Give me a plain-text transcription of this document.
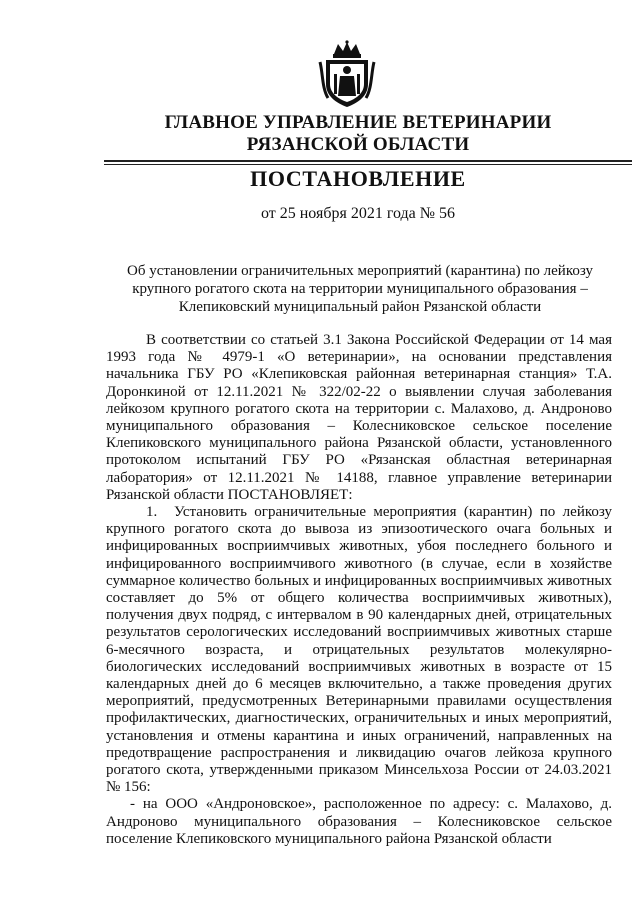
ГЛАВНОЕ УПРАВЛЕНИЕ ВЕТЕРИНАРИИ
РЯЗАНСКОЙ ОБЛАСТИ
ПОСТАНОВЛЕНИЕ
от 25 ноября 2021 года № 56
Об установлении ограничительных мероприятий (карантина) по лейкозу
крупного рогатого скота на территории муниципального образования –
Клепиковский муниципальный район Рязанской области

В соответствии со статьей 3.1 Закона Российской Федерации от 14 мая 1993 года № 4979-1 «О ветеринарии», на основании представления начальника ГБУ РО «Клепиковская районная ветеринарная станция» Т.А. Доронкиной от 12.11.2021 № 322/02-22 о выявлении случая заболевания лейкозом крупного рогатого скота на территории с. Малахово, д. Андроново муниципального образования – Колесниковское сельское поселение Клепиковского муниципального района Рязанской области, установленного протоколом испытаний ГБУ РО «Рязанская областная ветеринарная лаборатория» от 12.11.2021 № 14188, главное управление ветеринарии Рязанской области ПОСТАНОВЛЯЕТ:

1. Установить ограничительные мероприятия (карантин) по лейкозу крупного рогатого скота до вывоза из эпизоотического очага больных и инфицированных восприимчивых животных, убоя последнего больного и инфицированного восприимчивого животного (в случае, если в хозяйстве суммарное количество больных и инфицированных восприимчивых животных составляет до 5% от общего количества восприимчивых животных), получения двух подряд, с интервалом в 90 календарных дней, отрицательных результатов серологических исследований восприимчивых животных старше 6-месячного возраста, и отрицательных результатов молекулярно-биологических исследований восприимчивых животных в возрасте от 15 календарных дней до 6 месяцев включительно, а также проведения других мероприятий, предусмотренных Ветеринарными правилами осуществления профилактических, диагностических, ограничительных и иных мероприятий, установления и отмены карантина и иных ограничений, направленных на предотвращение распространения и ликвидацию очагов лейкоза крупного рогатого скота, утвержденными приказом Минсельхоза России от 24.03.2021 № 156:

- на ООО «Андроновское», расположенное по адресу: с. Малахово, д. Андроново муниципального образования – Колесниковское сельское поселение Клепиковского муниципального района Рязанской области
